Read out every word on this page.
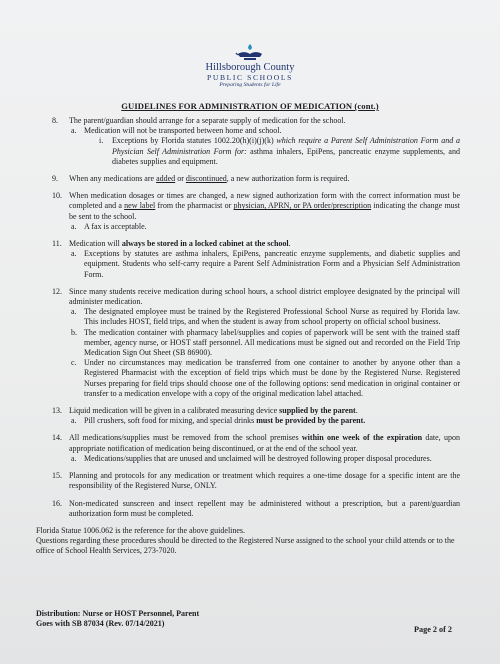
Hillsborough County
PUBLIC SCHOOLS
Preparing Students for Life
GUIDELINES FOR ADMINISTRATION OF MEDICATION (cont.)
8.	The parent/guardian should arrange for a separate supply of medication for the school.
a. Medication will not be transported between home and school.
i.	Exceptions by Florida statutes 1002.20(h)(i)(j)(k) which require a Parent Self Administration Form and a Physician Self Administration Form for: asthma inhalers, EpiPens, pancreatic enzyme supplements, and diabetes supplies and equipment.
9.	When any medications are added or discontinued, a new authorization form is required.
10. When medication dosages or times are changed, a new signed authorization form with the correct information must be completed and a new label from the pharmacist or physician, APRN, or PA order/prescription indicating the change must be sent to the school.
a. A fax is acceptable.
11. Medication will always be stored in a locked cabinet at the school.
a. Exceptions by statutes are asthma inhalers, EpiPens, pancreatic enzyme supplements, and diabetic supplies and equipment. Students who self-carry require a Parent Self Administration Form and a Physician Self Administration Form.
12. Since many students receive medication during school hours, a school district employee designated by the principal will administer medication.
a. The designated employee must be trained by the Registered Professional School Nurse as required by Florida law. This includes HOST, field trips, and when the student is away from school property on official school business.
b. The medication container with pharmacy label/supplies and copies of paperwork will be sent with the trained staff member, agency nurse, or HOST staff personnel. All medications must be signed out and recorded on the Field Trip Medication Sign Out Sheet (SB 86900).
c. Under no circumstances may medication be transferred from one container to another by anyone other than a Registered Pharmacist with the exception of field trips which must be done by the Registered Nurse. Registered Nurses preparing for field trips should choose one of the following options: send medication in original container or transfer to a medication envelope with a copy of the original medication label attached.
13. Liquid medication will be given in a calibrated measuring device supplied by the parent.
a. Pill crushers, soft food for mixing, and special drinks must be provided by the parent.
14. All medications/supplies must be removed from the school premises within one week of the expiration date, upon appropriate notification of medication being discontinued, or at the end of the school year.
a. Medications/supplies that are unused and unclaimed will be destroyed following proper disposal procedures.
15. Planning and protocols for any medication or treatment which requires a one-time dosage for a specific intent are the responsibility of the Registered Nurse, ONLY.
16. Non-medicated sunscreen and insect repellent may be administered without a prescription, but a parent/guardian authorization form must be completed.

Florida Statue 1006.062 is the reference for the above guidelines.

Questions regarding these procedures should be directed to the Registered Nurse assigned to the school your child attends or to the office of School Health Services, 273-7020.

Distribution: Nurse or HOST Personnel, Parent
Goes with SB 87034 (Rev. 07/14/2021)
Page 2 of 2
